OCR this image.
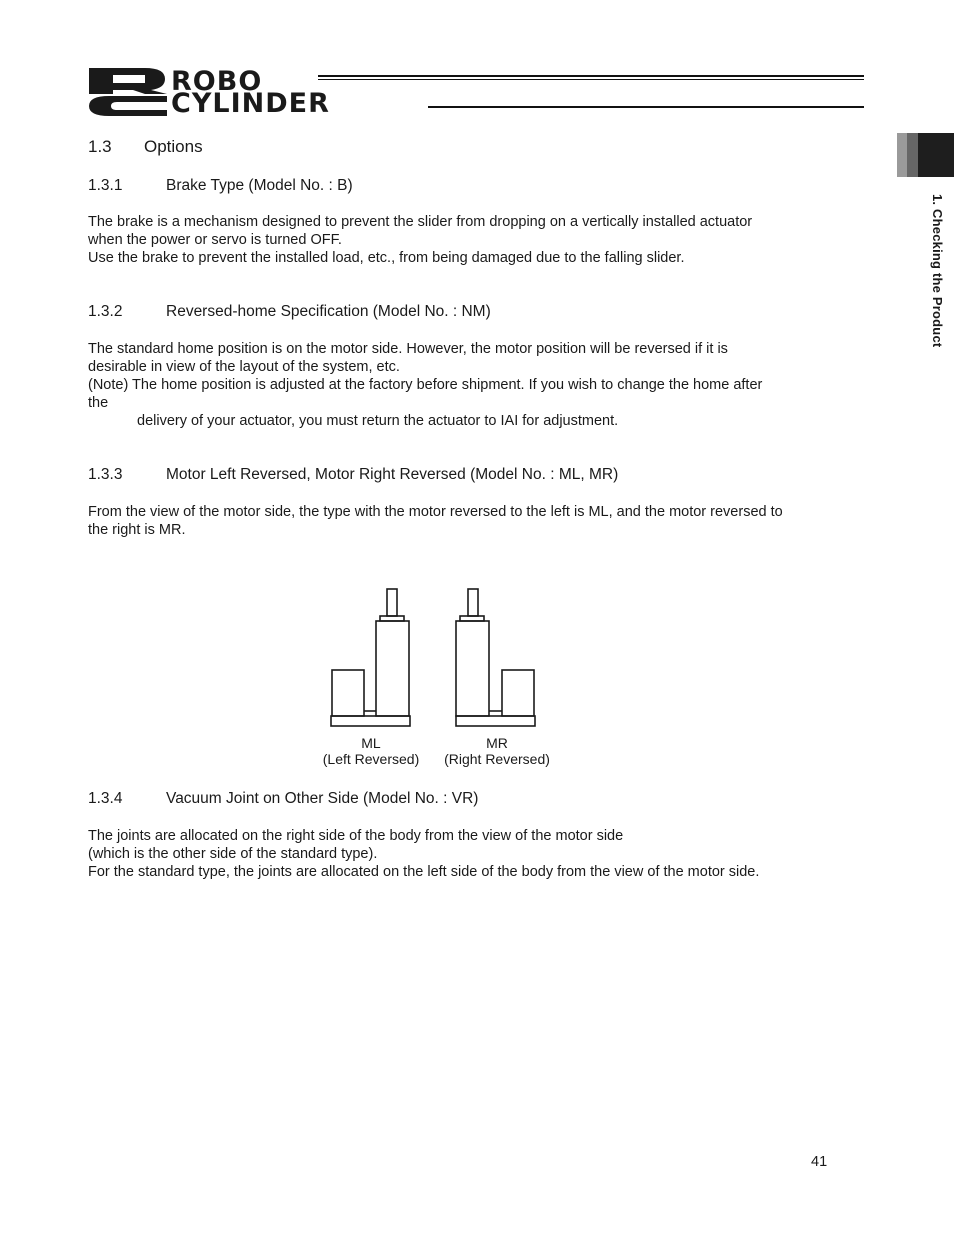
ROBO
CYLINDER
1. Checking the Product
1.3 Options
1.3.1	Brake Type (Model No. : B)
The brake is a mechanism designed to prevent the slider from dropping on a vertically installed actuator
when the power or servo is turned OFF.
Use the brake to prevent the installed load, etc., from being damaged due to the falling slider.
1.3.2	Reversed-home Specification (Model No. : NM)
The standard home position is on the motor side. However, the motor position will be reversed if it is
desirable in view of the layout of the system, etc.
(Note) The home position is adjusted at the factory before shipment. If you wish to change the home after
the
delivery of your actuator, you must return the actuator to IAI for adjustment.
1.3.3	Motor Left Reversed, Motor Right Reversed (Model No. : ML, MR)
From the view of the motor side, the type with the motor reversed to the left is ML, and the motor reversed to
the right is MR.
ML
(Left Reversed)
MR
(Right Reversed)
1.3.4	Vacuum Joint on Other Side (Model No. : VR)
The joints are allocated on the right side of the body from the view of the motor side
(which is the other side of the standard type).
For the standard type, the joints are allocated on the left side of the body from the view of the motor side.
41
